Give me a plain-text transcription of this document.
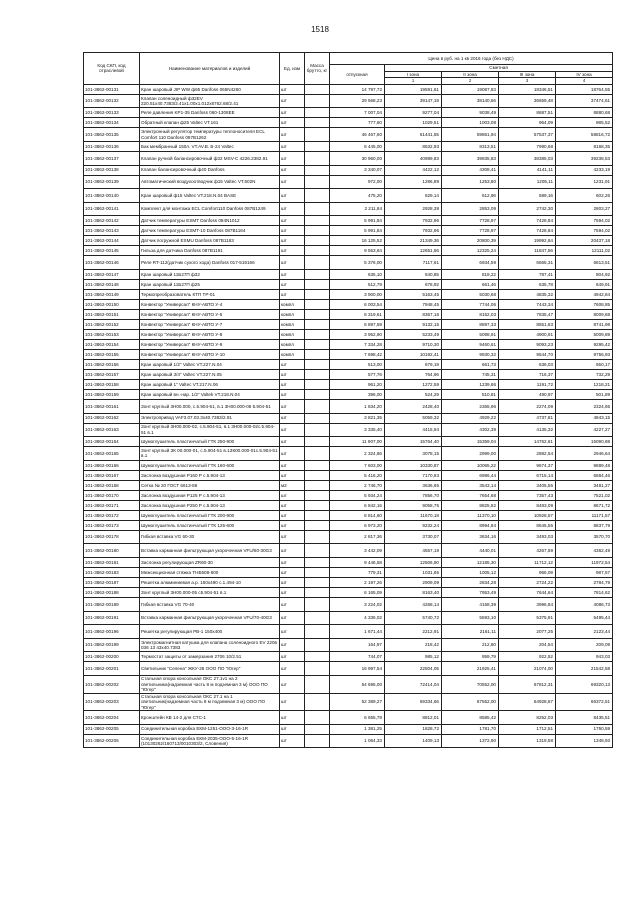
1518
Код СКП, код отраслевой	Наименование материалов и изделий	Ед. изм	Масса брутто, кг	Цена в руб. на 1 кв 2016 года (без НДС)					
				отпускная	Сметная				
					I зона	II зона	III зона	IV зона	
					1	2	3	4					
101-3862-00131	Кран шаровый JIP WW ф65 Danfoss 065N4260	шт		14 797,72	19591,61	19087,83	18346,51	18764,55	
101-3862-00132	Клапан соленоидный ф32EV 220.51x40.7383/2.41x1.00x1.012x8762.68/2.41	шт		29 568,23	39147,19	38140,56	36659,48	37474,61	
101-3862-00133	Реле давления KP1-35 Danfoss 060-1308ЕЕ	шт		7 007,04	9277,04	9038,49	8687,51	8880,68	
101-3862-00134	Обратный клапан ф25 Valtec VT.161	шт		777,60	1029,51	1003,08	964,09	985,52	
101-3862-00135	Электронный регулятор температуры теплоносителя ECL Comfort 110 Danfoss 087В1262	шт		46 467,60	61441,55	59861,94	57537,37	58816,72	
101-3862-00136	Бак мембранный 150л. VT.AV.B. Б-24 Valtec	шт		6 445,00	8532,93	8313,51	7990,68	8168,35	
101-3862-00137	Клапан ручной балансировочный ф32 MSV-C 4226.2382.91	шт		30 960,00	40989,83	39935,83	38385,03	39238,53	
101-3862-00138	Клапан балансировочный ф40 Danfoss	шт		3 340,07	4422,12	4308,41	4141,11	4233,19	
101-3862-00139	Автоматический воздухоотводчик ф15 Valtec VT.502N	шт		972,00	1286,89	1253,80	1205,11	1231,91	
101-3862-00140	Кран шаровый ф15 Valtec VT.218.N.04 BASE	шт		475,20	629,14	612,96	589,16	602,26	
101-3862-00141	Комплект для монтажа ECL Comfort110 Danfoss 087В1249	шт		2 211,84	2928,39	2853,09	2742,30	2803,27	
101-3862-00142	Датчик температуры ESMT Danfoss 084N1012	шт		5 991,84	7932,96	7728,97	7428,84	7594,02	
101-3862-00143	Датчик температуры ESMT-10 Danfoss 087B1164	шт		5 991,84	7932,96	7728,97	7428,84	7594,02	
101-3862-00144	Датчик погружной ESMU Danfoss 087В1183	шт		16 125,52	21349,36	20800,39	19992,64	20437,18	
101-3862-00145	Гильза для датчика Danfoss 087В1191	шт		9 553,64	12651,56	12325,24	11847,56	12111,02	
101-3862-00146	Реле RT-112(датчик сухого хода) Danfoss 017-519166	шт		5 376,00	7117,61	6934,59	6665,31	6813,51	
101-3862-00147	Кран шаровый 11Б27П ф32	шт		635,10	840,85	819,22	787,41	804,92	
101-3862-00148	Кран шаровый 11Б27П ф25	шт		512,79	678,92	661,46	635,78	649,91	
101-3862-00149	Термопреобразователь КТП ТР-01	шт		3 900,00	5163,45	5030,68	4835,32	4942,84	
101-3862-00150	Конвектор "Универсал" КНУ-АВТО У-4	компл		6 003,54	7948,45	7744,06	7443,34	7608,85	
101-3862-00151	Конвектор "Универсал" КНУ-АВТО У-5	компл		6 319,61	8367,16	8152,03	7835,47	8009,68	
101-3862-00152	Конвектор "Универсал" КНУ-АВТО У-7	компл		6 897,59	9132,15	8897,33	8551,83	8741,98	
101-3862-00153	Конвектор "Универсал" КНУ-АВТО У-8	компл		3 952,90	5233,49	5098,91	4900,91	5009,89	
101-3862-00154	Конвектор "Универсал" КНУ-АВТО У-9	компл		7 334,28	9710,30	9460,61	9093,23	9295,42	
101-3862-00155	Конвектор "Универсал" КНУ-АВТО У-10	компл		7 698,42	10192,41	9930,32	9544,70	9756,93	
101-3862-00156	Кран шаровый 1/2" Valtec VT.227.N.04	шт		513,00	679,19	661,73	636,03	650,17	
101-3862-00157	Кран шаровый 3/4" Valtec VT.227.N.05	шт		577,76	764,96	745,31	716,37	732,29	
101-3862-00158	Кран шаровый 1" Valtec VT.217.N.06	шт		961,20	1272,59	1239,86	1191,72	1218,21	
101-3862-00159	Кран шаровый вн.-нар. 1/2" Valtek VT.218.N.04	шт		396,00	524,29	510,81	490,97	501,89	
101-3862-00161	Зонт круглый 3Н00.000, с.5.904-51, в.1 3Н00.000-06 5.904-51	шт		1 834,20	2428,40	2365,96	2274,09	2324,65	
101-3862-00162	Электропривод VAF3.07.03.3х40.7383/2.91	шт		3 821,35	5059,32	4929,22	4737,81	4843,15	
101-3862-00163	Зонт круглый 3Н00.000-02, с.5.904-51, в.1 3Н00.000-02с.5.904-51 в.1	шт		3 335,40	4415,94	4302,39	4135,32	4227,27	
101-3862-00164	Шумоглушитель пластинчатый ГТК 250-900	шт		11 907,00	15764,40	15359,04	14762,61	15090,88	
101-3862-00165	Зонт круглый ЗК 00.000-01, с.5.904-51 в.1ЗК00.000-01с.5.904-51 в.1	шт		2 324,86	3078,15	2999,00	2882,54	2946,64	
101-3862-00166	Шумоглушитель пластинчатый ГТК 160-600	шт		7 603,00	10330,87	10065,22	9674,37	9889,48	
101-3862-00167	Заслонка воздушная Р160 Р с.5.904-13	шт		5 416,20	7170,83	6986,44	6715,14	6864,46	
101-3862-00168	Сетка № 20 ГОСТ 6613-86	м2		2 746,70	3636,65	3543,14	3405,55	3481,27	
101-3862-00170	Заслонка воздушная Р125 Р с.5.904-13	шт		5 934,24	7856,70	7654,68	7357,43	7521,02	
101-3862-00171	Заслонка воздушная Р250 Р с.5.904-13	шт		6 842,16	9058,75	8825,82	8483,09	8671,72	
101-3862-00172	Шумоглушитель пластинчатый ГТК 200-900	шт		8 814,60	11670,18	11370,10	10928,57	11171,57	
101-3862-00173	Шумоглушитель пластинчатый ГТК 125-600	шт		6 973,20	9232,24	8994,84	8645,55	8837,79	
101-3862-00178	Гибкая вставка VG 60-30	шт		2 817,36	3730,07	3634,16	3493,03	3570,70	
101-3862-00180	Вставка карманная фильтрующая укороченная VFU/60-30G3	шт		3 442,09	4557,19	4440,01	4267,59	4362,49	
101-3862-00181	Заслонка регулирующая ZR60-30	шт		9 446,58	12506,90	12185,30	11712,12	11972,54	
101-3862-00183	Межсекционная стяжка ТНБ508-600	шт		779,31	1031,65	1005,12	966,09	987,57	
101-3862-00187	Решетка алюминиевая а.р. 150х490 с.1.494-10	шт		2 197,26	2909,09	2834,28	2724,22	2784,79	
101-3862-00188	Зонт круглый 3Н00.000-05 с5.904-51 в.1	шт		6 165,09	8163,40	7953,49	7644,64	7814,62	
101-3862-00189	Гибкая вставка VG 70-40	шт		3 224,02	4268,14	4158,39	3996,84	4086,73	
101-3862-00191	Вставка карманная фильтрующая укороченная VFU/70-40G3	шт		4 336,02	5740,72	5593,10	5375,91	5495,44	
101-3862-00196	Решетка регулирующая РВ-1 150х400	шт		1 671,44	2212,91	2161,11	2077,25	2123,44	
101-3862-00199	Электромагнитная катушка для клапана соленоидного EV 220в 036 13 43x40.7383	шт		164,97	218,42	212,80	204,54	209,09	
101-3862-00200	Термостат защиты от замерзания 2706 10/2.51	шт		744,07	985,12	959,79	922,52	943,03	
101-3862-00201	Светильник "Селена" ЖКУ-26 ООО ПО "Югер"	шт		16 997,54	22504,05	21925,41	21074,00	21542,58	
101-3862-00202	Стальная опора консольная ОКС 27.1v1 на 2 светильника(надземная часть 8 м подземная 3 м) ООО ПО "Югер"	шт		54 695,00	72414,04	70552,00	67812,31	69320,13	
101-3862-00203	Стальная опора консольная ОКС 27.1 на 1 светильник(надземная часть 8 м подземная 3 м) ООО ПО "Югер"	шт		52 389,27	69334,66	67552,00	64928,67	66372,51	
101-3862-00204	Кронштейн КВ 14-2 для СТС-1	шт		6 655,79	8812,01	8585,42	8252,03	8435,51	
101-3862-00205	Соединительная коробка ЕКМ-1251-ООО-3-16-1R	шт		1 381,25	1828,72	1781,70	1712,51	1750,59	
101-3862-00206	Соединительная коробка ЕКМ-2035-ООО-5-16-1R (10130262/160713/0010303/2, Словения)	шт		1 064,33	1409,13	1372,90	1319,58	1348,93	
